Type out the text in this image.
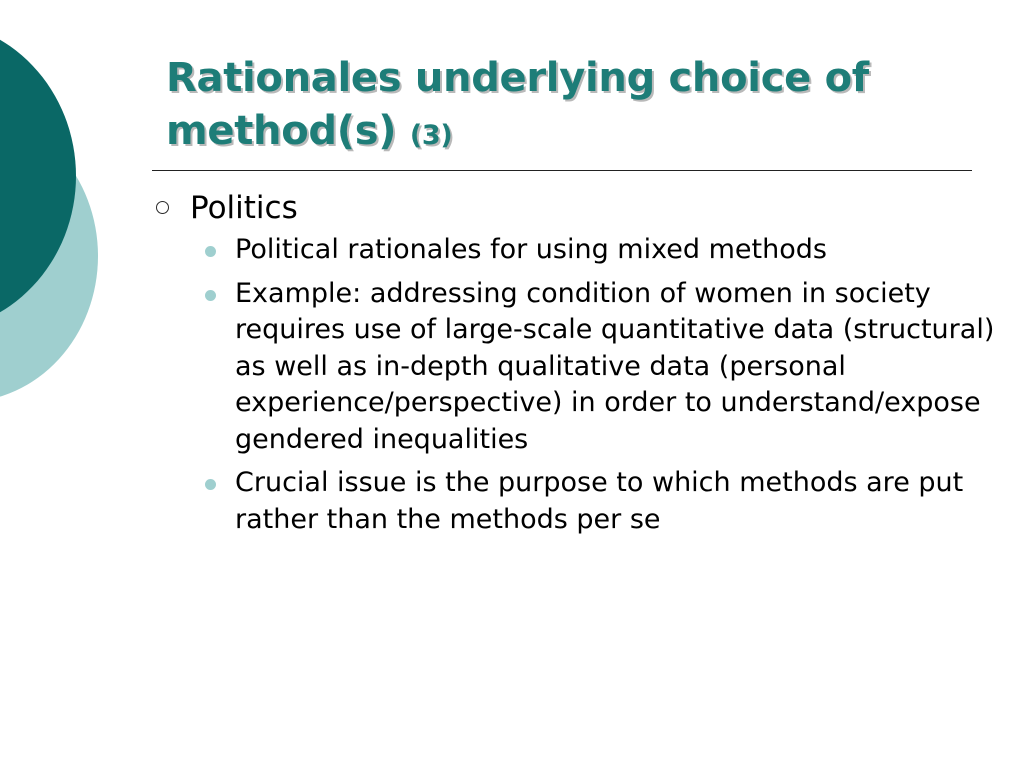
Rationales underlying choice of method(s) (3)
Politics
Political rationales for using mixed methods
Example: addressing condition of women in society requires use of large-scale quantitative data (structural) as well as in-depth qualitative data (personal experience/perspective) in order to understand/expose gendered inequalities
Crucial issue is the purpose to which methods are put rather than the methods per se
